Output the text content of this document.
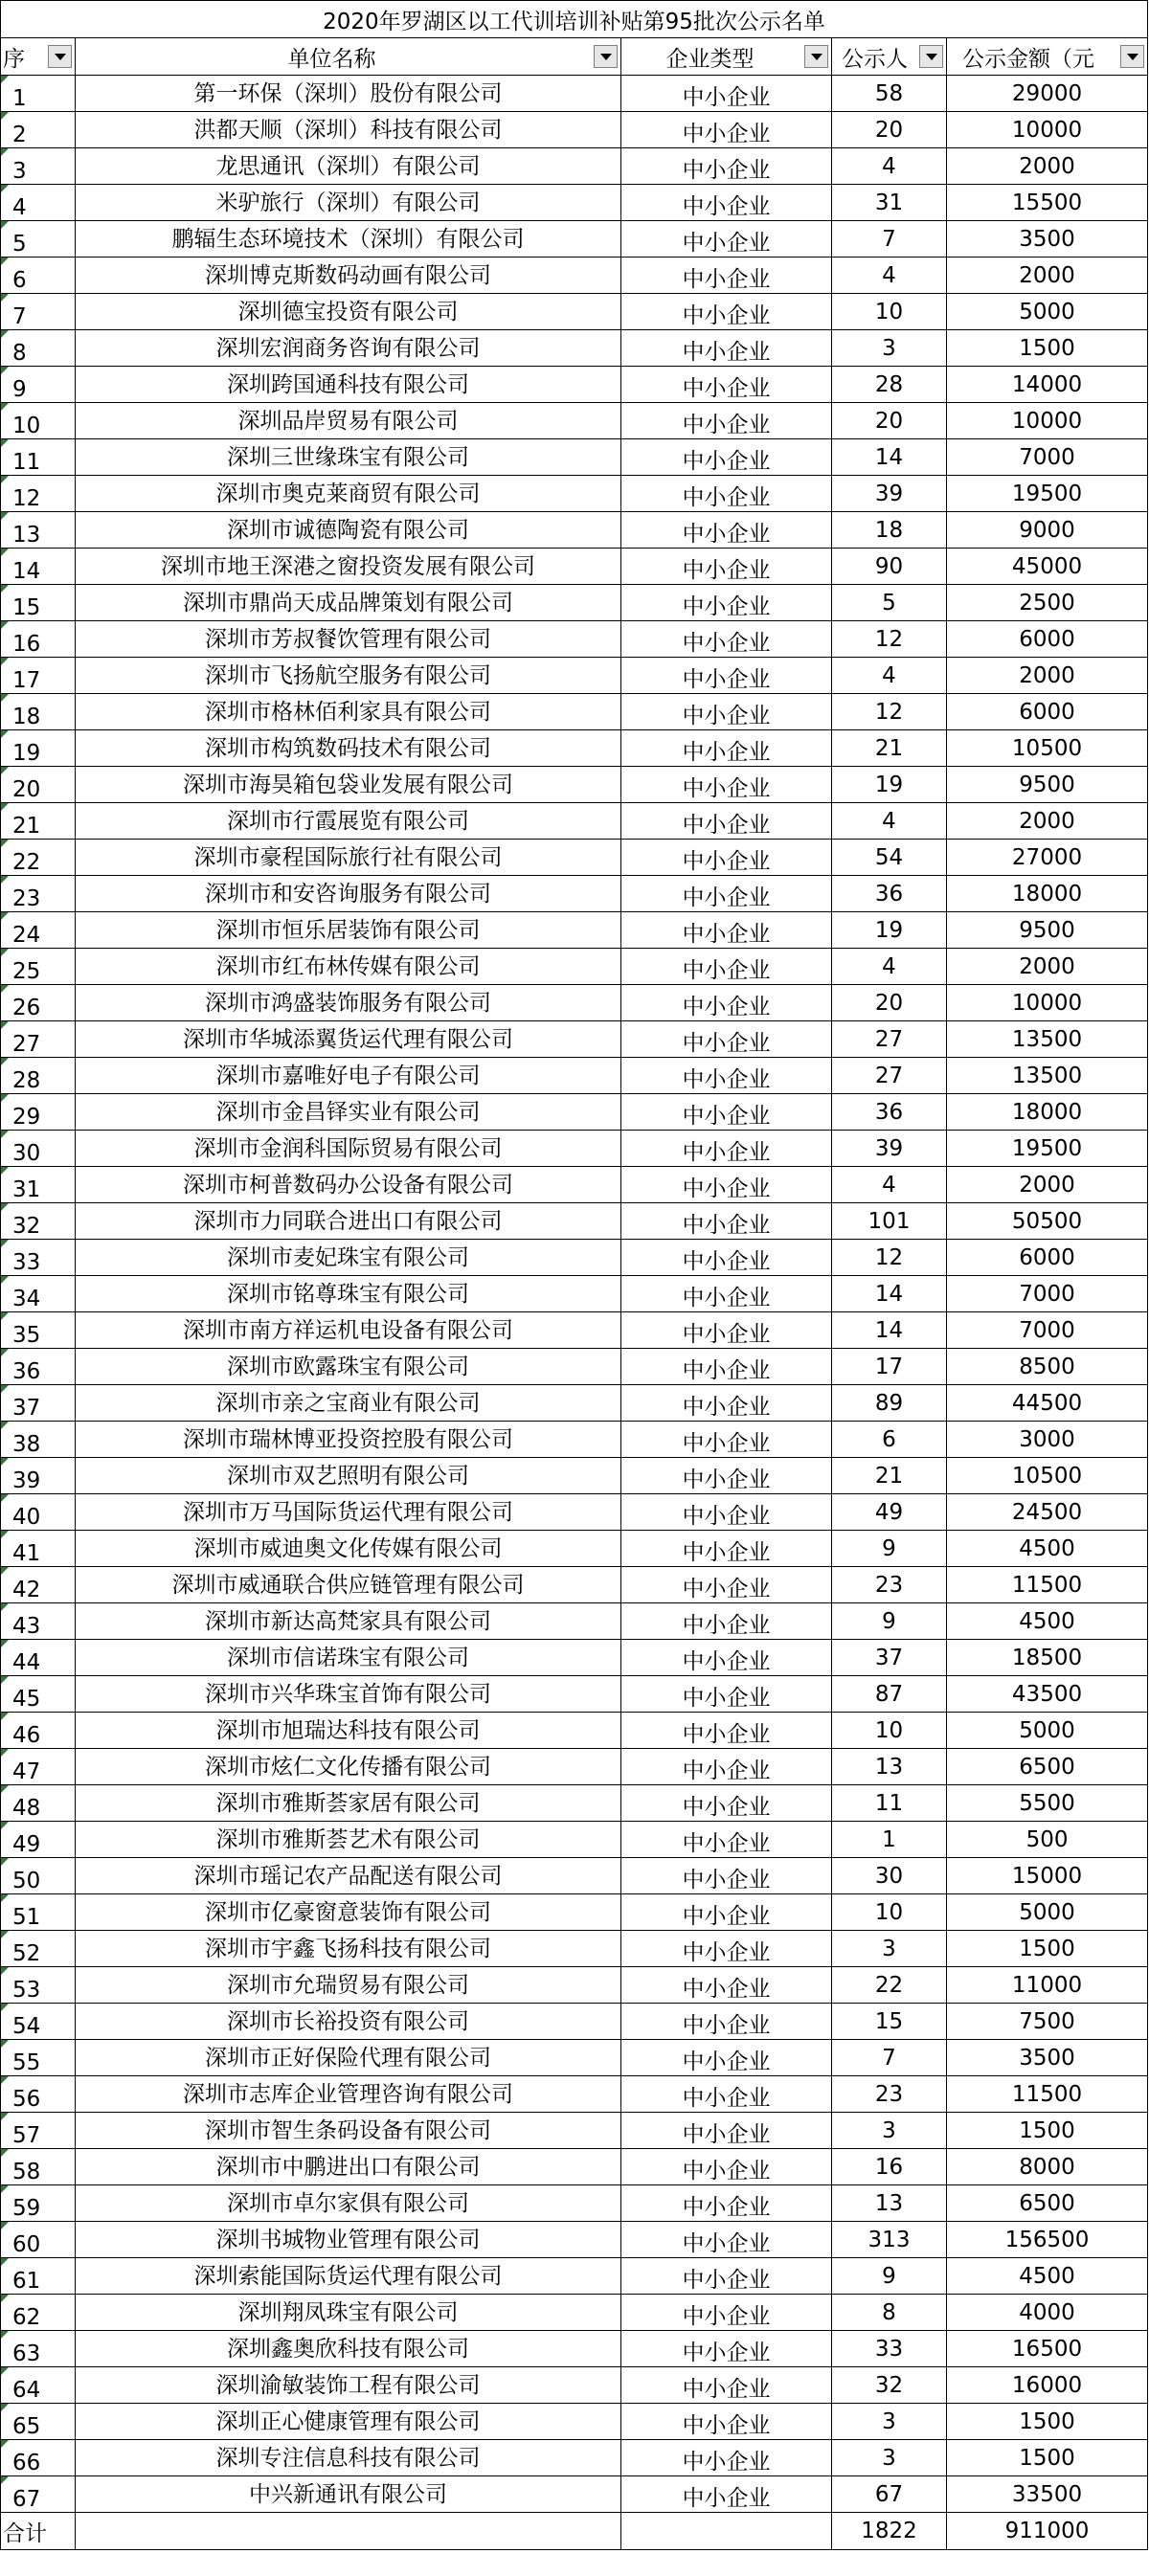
2020年罗湖区以工代训培训补贴第95批次公示名单				

序	单位名称	企业类型	公示人	公示金额（元

1	第一环保（深圳）股份有限公司	中小企业	58	29000

2	洪都天顺（深圳）科技有限公司	中小企业	20	10000

3	龙思通讯（深圳）有限公司	中小企业	4	2000

4	米驴旅行（深圳）有限公司	中小企业	31	15500

5	鹏辐生态环境技术（深圳）有限公司	中小企业	7	3500

6	深圳博克斯数码动画有限公司	中小企业	4	2000

7	深圳德宝投资有限公司	中小企业	10	5000

8	深圳宏润商务咨询有限公司	中小企业	3	1500

9	深圳跨国通科技有限公司	中小企业	28	14000

10	深圳品岸贸易有限公司	中小企业	20	10000

11	深圳三世缘珠宝有限公司	中小企业	14	7000

12	深圳市奥克莱商贸有限公司	中小企业	39	19500

13	深圳市诚德陶瓷有限公司	中小企业	18	9000

14	深圳市地王深港之窗投资发展有限公司	中小企业	90	45000

15	深圳市鼎尚天成品牌策划有限公司	中小企业	5	2500

16	深圳市芳叔餐饮管理有限公司	中小企业	12	6000

17	深圳市飞扬航空服务有限公司	中小企业	4	2000

18	深圳市格林佰利家具有限公司	中小企业	12	6000

19	深圳市构筑数码技术有限公司	中小企业	21	10500

20	深圳市海昊箱包袋业发展有限公司	中小企业	19	9500

21	深圳市行霞展览有限公司	中小企业	4	2000

22	深圳市豪程国际旅行社有限公司	中小企业	54	27000

23	深圳市和安咨询服务有限公司	中小企业	36	18000

24	深圳市恒乐居装饰有限公司	中小企业	19	9500

25	深圳市红布林传媒有限公司	中小企业	4	2000

26	深圳市鸿盛装饰服务有限公司	中小企业	20	10000

27	深圳市华城添翼货运代理有限公司	中小企业	27	13500

28	深圳市嘉唯好电子有限公司	中小企业	27	13500

29	深圳市金昌铎实业有限公司	中小企业	36	18000

30	深圳市金润科国际贸易有限公司	中小企业	39	19500

31	深圳市柯普数码办公设备有限公司	中小企业	4	2000

32	深圳市力同联合进出口有限公司	中小企业	101	50500

33	深圳市麦妃珠宝有限公司	中小企业	12	6000

34	深圳市铭尊珠宝有限公司	中小企业	14	7000

35	深圳市南方祥运机电设备有限公司	中小企业	14	7000

36	深圳市欧露珠宝有限公司	中小企业	17	8500

37	深圳市亲之宝商业有限公司	中小企业	89	44500

38	深圳市瑞林博亚投资控股有限公司	中小企业	6	3000

39	深圳市双艺照明有限公司	中小企业	21	10500

40	深圳市万马国际货运代理有限公司	中小企业	49	24500

41	深圳市威迪奥文化传媒有限公司	中小企业	9	4500

42	深圳市威通联合供应链管理有限公司	中小企业	23	11500

43	深圳市新达高梵家具有限公司	中小企业	9	4500

44	深圳市信诺珠宝有限公司	中小企业	37	18500

45	深圳市兴华珠宝首饰有限公司	中小企业	87	43500

46	深圳市旭瑞达科技有限公司	中小企业	10	5000

47	深圳市炫仁文化传播有限公司	中小企业	13	6500

48	深圳市雅斯荟家居有限公司	中小企业	11	5500

49	深圳市雅斯荟艺术有限公司	中小企业	1	500

50	深圳市瑶记农产品配送有限公司	中小企业	30	15000

51	深圳市亿豪窗意装饰有限公司	中小企业	10	5000

52	深圳市宇鑫飞扬科技有限公司	中小企业	3	1500

53	深圳市允瑞贸易有限公司	中小企业	22	11000

54	深圳市长裕投资有限公司	中小企业	15	7500

55	深圳市正好保险代理有限公司	中小企业	7	3500

56	深圳市志库企业管理咨询有限公司	中小企业	23	11500

57	深圳市智生条码设备有限公司	中小企业	3	1500

58	深圳市中鹏进出口有限公司	中小企业	16	8000

59	深圳市卓尔家俱有限公司	中小企业	13	6500

60	深圳书城物业管理有限公司	中小企业	313	156500

61	深圳索能国际货运代理有限公司	中小企业	9	4500

62	深圳翔凤珠宝有限公司	中小企业	8	4000

63	深圳鑫奥欣科技有限公司	中小企业	33	16500

64	深圳渝敏装饰工程有限公司	中小企业	32	16000

65	深圳正心健康管理有限公司	中小企业	3	1500

66	深圳专注信息科技有限公司	中小企业	3	1500

67	中兴新通讯有限公司	中小企业	67	33500
合计			1822	911000
